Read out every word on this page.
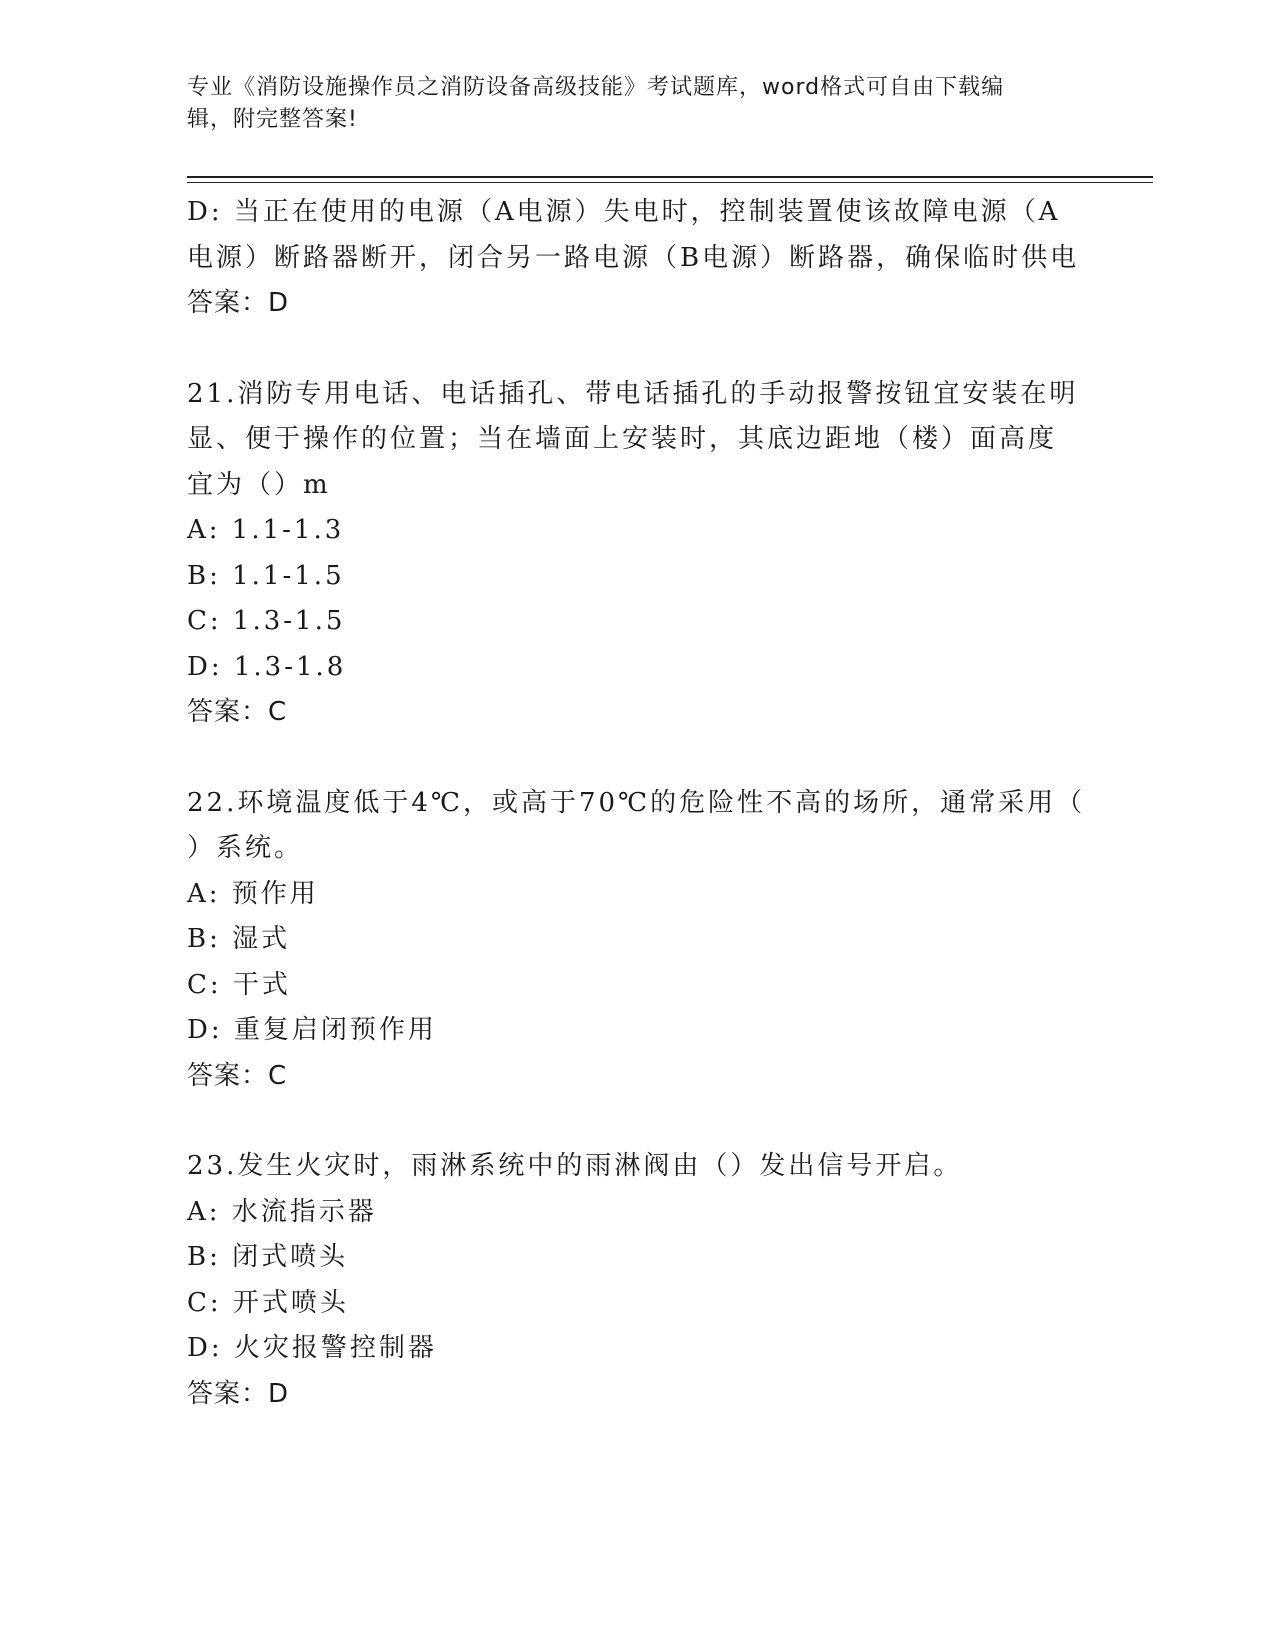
专业《消防设施操作员之消防设备高级技能》考试题库，word格式可自由下载编
辑，附完整答案!
D: 当正在使用的电源（A电源）失电时，控制装置使该故障电源（A
电源）断路器断开，闭合另一路电源（B电源）断路器，确保临时供电
答案：D
21.消防专用电话、电话插孔、带电话插孔的手动报警按钮宜安装在明
显、便于操作的位置；当在墙面上安装时，其底边距地（楼）面高度
宜为（）m
A: 1.1-1.3
B: 1.1-1.5
C: 1.3-1.5
D: 1.3-1.8
答案：C
22.环境温度低于4℃，或高于70℃的危险性不高的场所，通常采用（
）系统。
A: 预作用
B: 湿式
C: 干式
D: 重复启闭预作用
答案：C
23.发生火灾时，雨淋系统中的雨淋阀由（）发出信号开启。
A: 水流指示器
B: 闭式喷头
C: 开式喷头
D: 火灾报警控制器
答案：D
